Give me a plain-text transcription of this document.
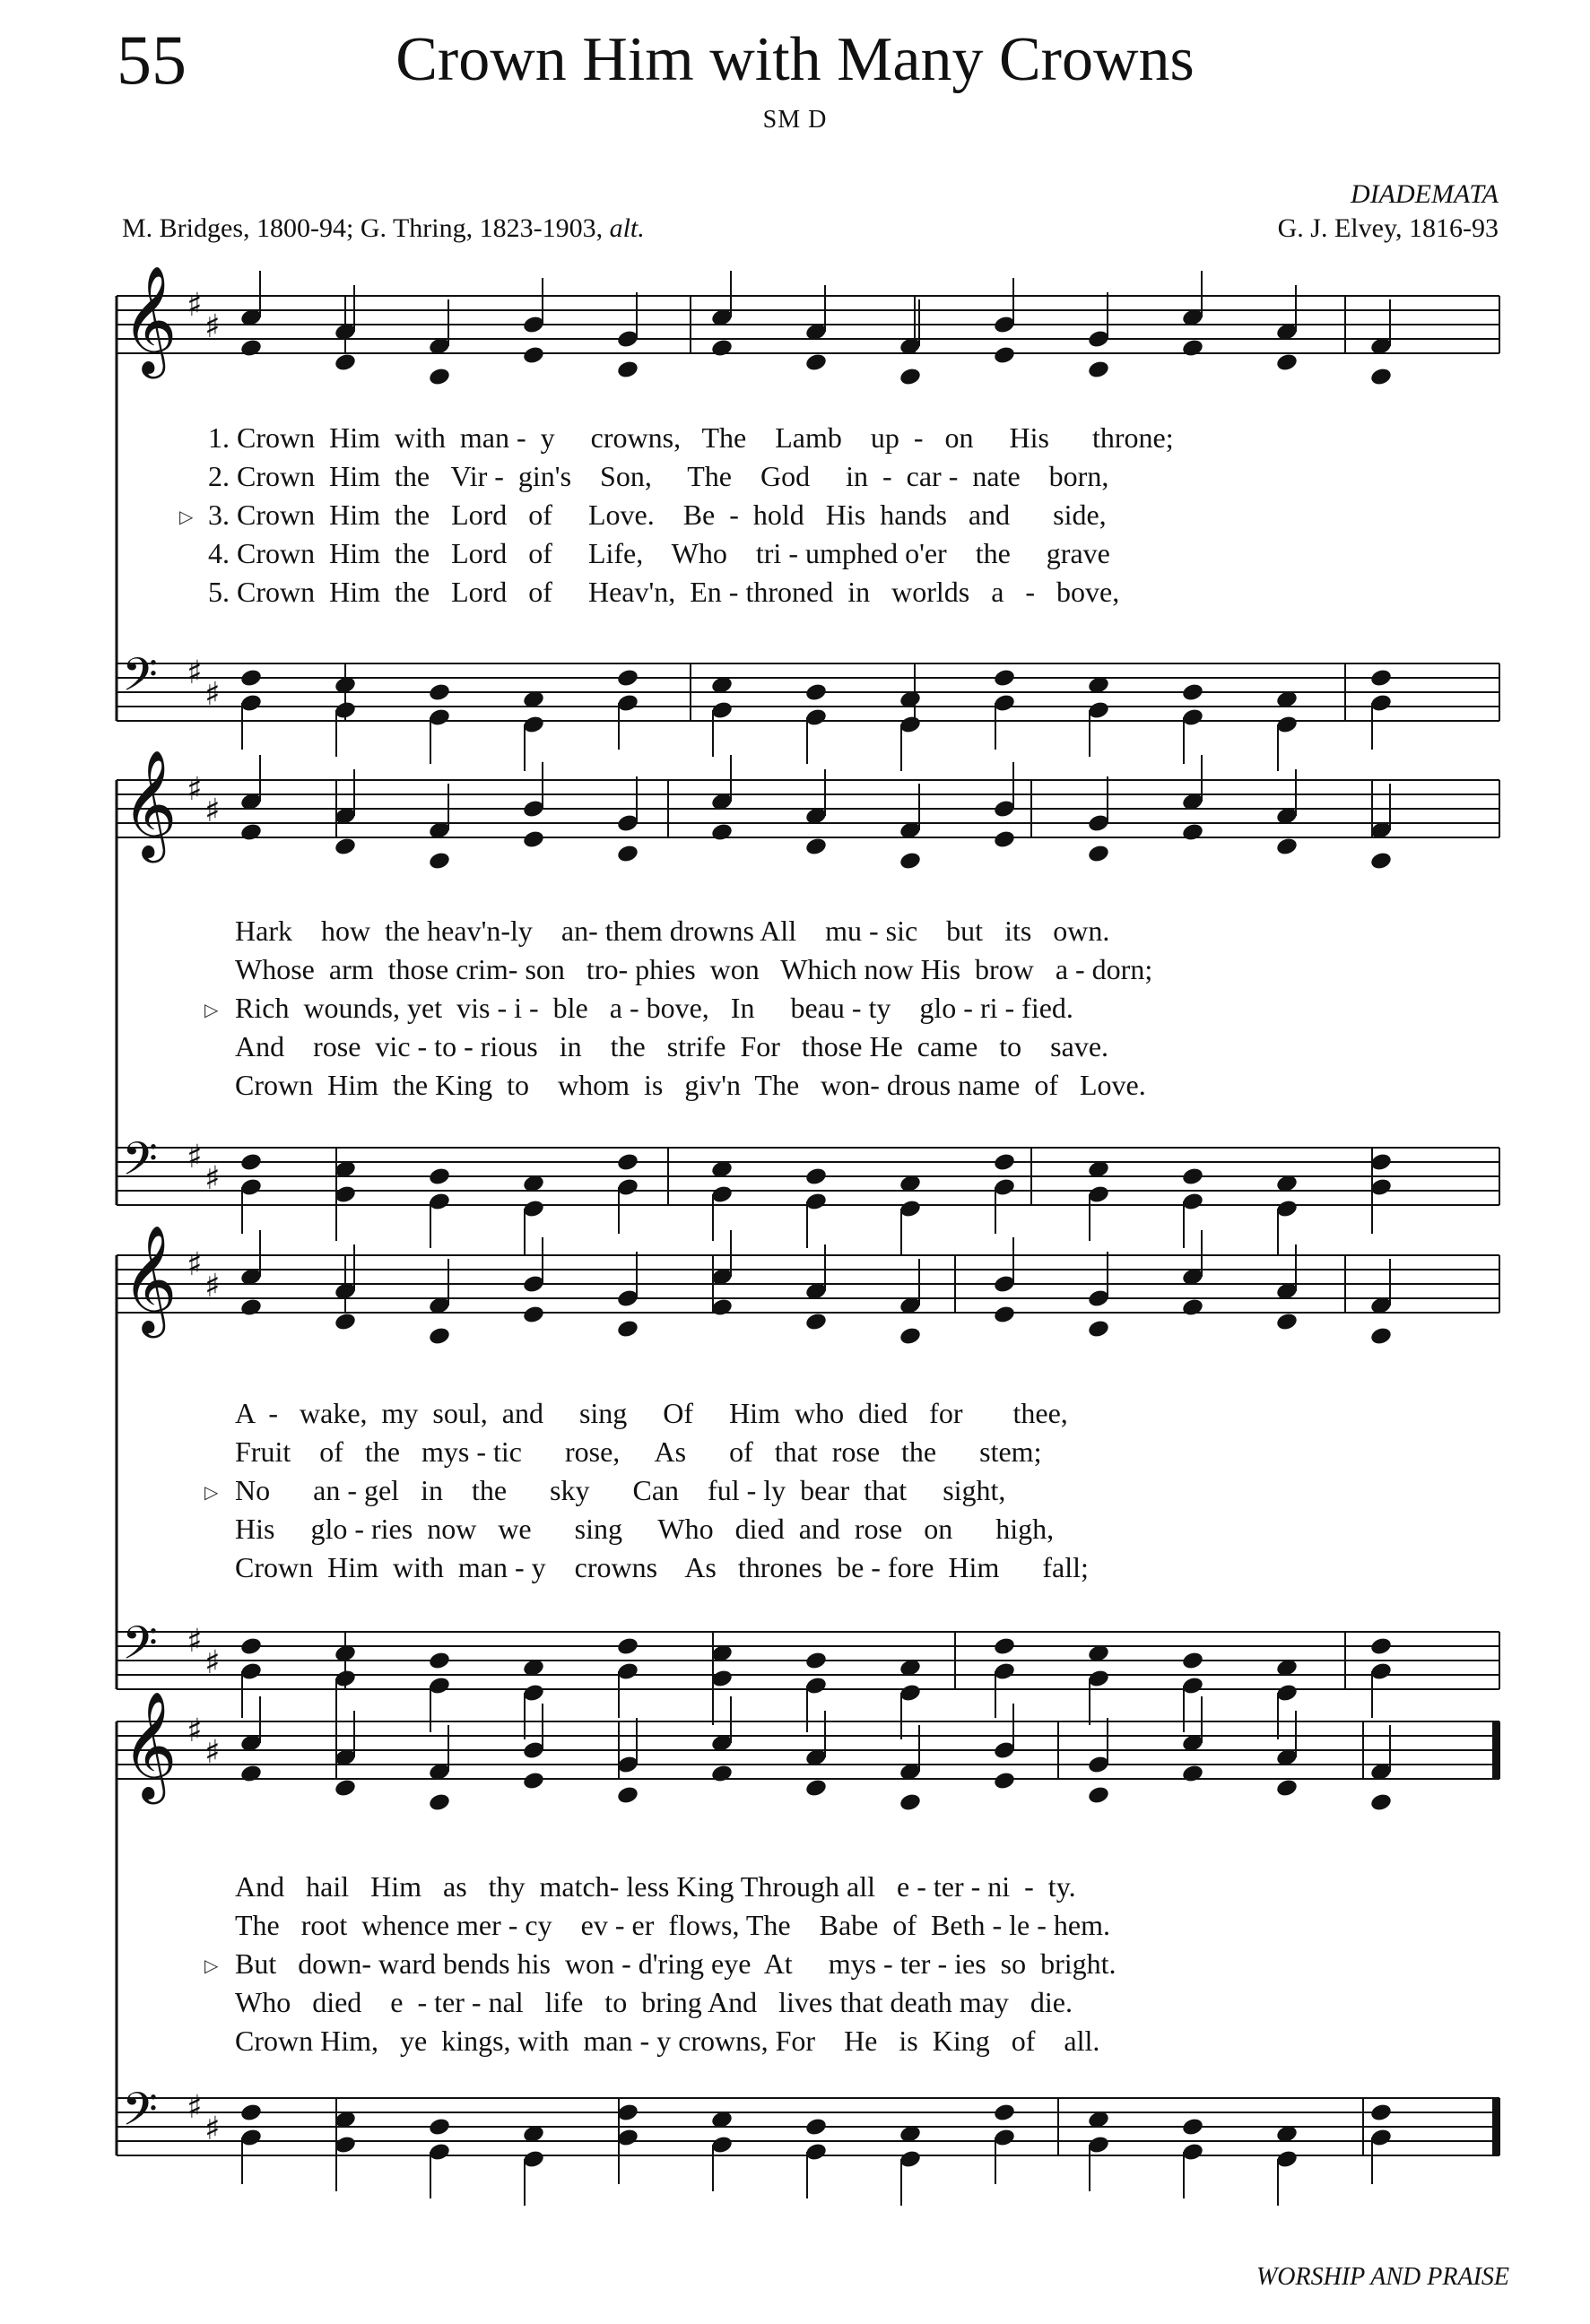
55	Crown Him with Many Crowns
SM D
DIADEMATA
M. Bridges, 1800-94; G. Thring, 1823-1903, alt.	G. J. Elvey, 1816-93
𝄞 ♯
♯
𝄢 ♯
♯
𝄞 ♯
♯
𝄢 ♯
♯
𝄞 ♯
♯
𝄢 ♯
♯
𝄞 ♯
♯
𝄢 ♯
♯
1. Crown  Him  with  man -  y     crowns,   The    Lamb    up  -   on     His      throne;
2. Crown  Him  the   Vir -  gin's    Son,     The    God     in  -  car -  nate    born,
3. Crown  Him  the   Lord   of     Love.    Be  -  hold   His  hands   and      side,
▷
4. Crown  Him  the   Lord   of     Life,    Who    tri - umphed o'er    the     grave
5. Crown  Him  the   Lord   of     Heav'n,  En - throned  in   worlds   a   -   bove,
Hark    how  the heav'n-ly    an- them drowns All    mu - sic    but   its   own.
Whose  arm  those crim- son   tro- phies  won   Which now His  brow   a - dorn;
Rich  wounds, yet  vis - i -  ble   a - bove,   In     beau - ty    glo - ri - fied.
▷
And    rose  vic - to - rious   in    the   strife  For   those He  came   to    save.
Crown  Him  the King  to    whom  is   giv'n  The   won- drous name  of   Love.
A  -   wake,  my  soul,  and     sing     Of     Him  who  died   for       thee,
Fruit    of   the   mys - tic      rose,     As      of   that  rose   the      stem;
No      an - gel   in    the      sky      Can    ful - ly  bear  that     sight,
▷
His     glo - ries  now   we      sing     Who   died  and  rose   on      high,
Crown  Him  with  man - y    crowns    As   thrones  be - fore  Him      fall;
And   hail   Him   as   thy  match- less King Through all   e - ter - ni  -  ty.
The   root  whence mer - cy    ev - er  flows, The    Babe  of  Beth - le - hem.
But   down- ward bends his  won - d'ring eye  At     mys - ter - ies  so  bright.
▷
Who   died    e  - ter - nal   life   to  bring And   lives that death may   die.
Crown Him,   ye  kings, with  man - y crowns, For    He   is  King   of    all.
WORSHIP AND PRAISE
